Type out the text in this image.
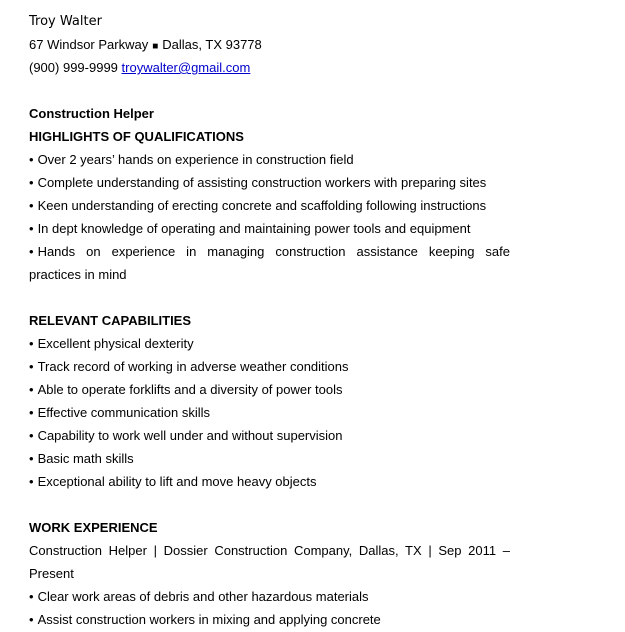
Troy Walter
67 Windsor Parkway ■ Dallas, TX 93778
(900) 999-9999 troywalter@gmail.com
Construction Helper
HIGHLIGHTS OF QUALIFICATIONS
• Over 2 years’ hands on experience in construction field
• Complete understanding of assisting construction workers with preparing sites
• Keen understanding of erecting concrete and scaffolding following instructions
• In dept knowledge of operating and maintaining power tools and equipment
• Hands on experience in managing construction assistance keeping safe
practices in mind
RELEVANT CAPABILITIES
• Excellent physical dexterity
• Track record of working in adverse weather conditions
• Able to operate forklifts and a diversity of power tools
• Effective communication skills
• Capability to work well under and without supervision
• Basic math skills
• Exceptional ability to lift and move heavy objects
WORK EXPERIENCE
Construction Helper | Dossier Construction Company, Dallas, TX | Sep 2011 –
Present
• Clear work areas of debris and other hazardous materials
• Assist construction workers in mixing and applying concrete
